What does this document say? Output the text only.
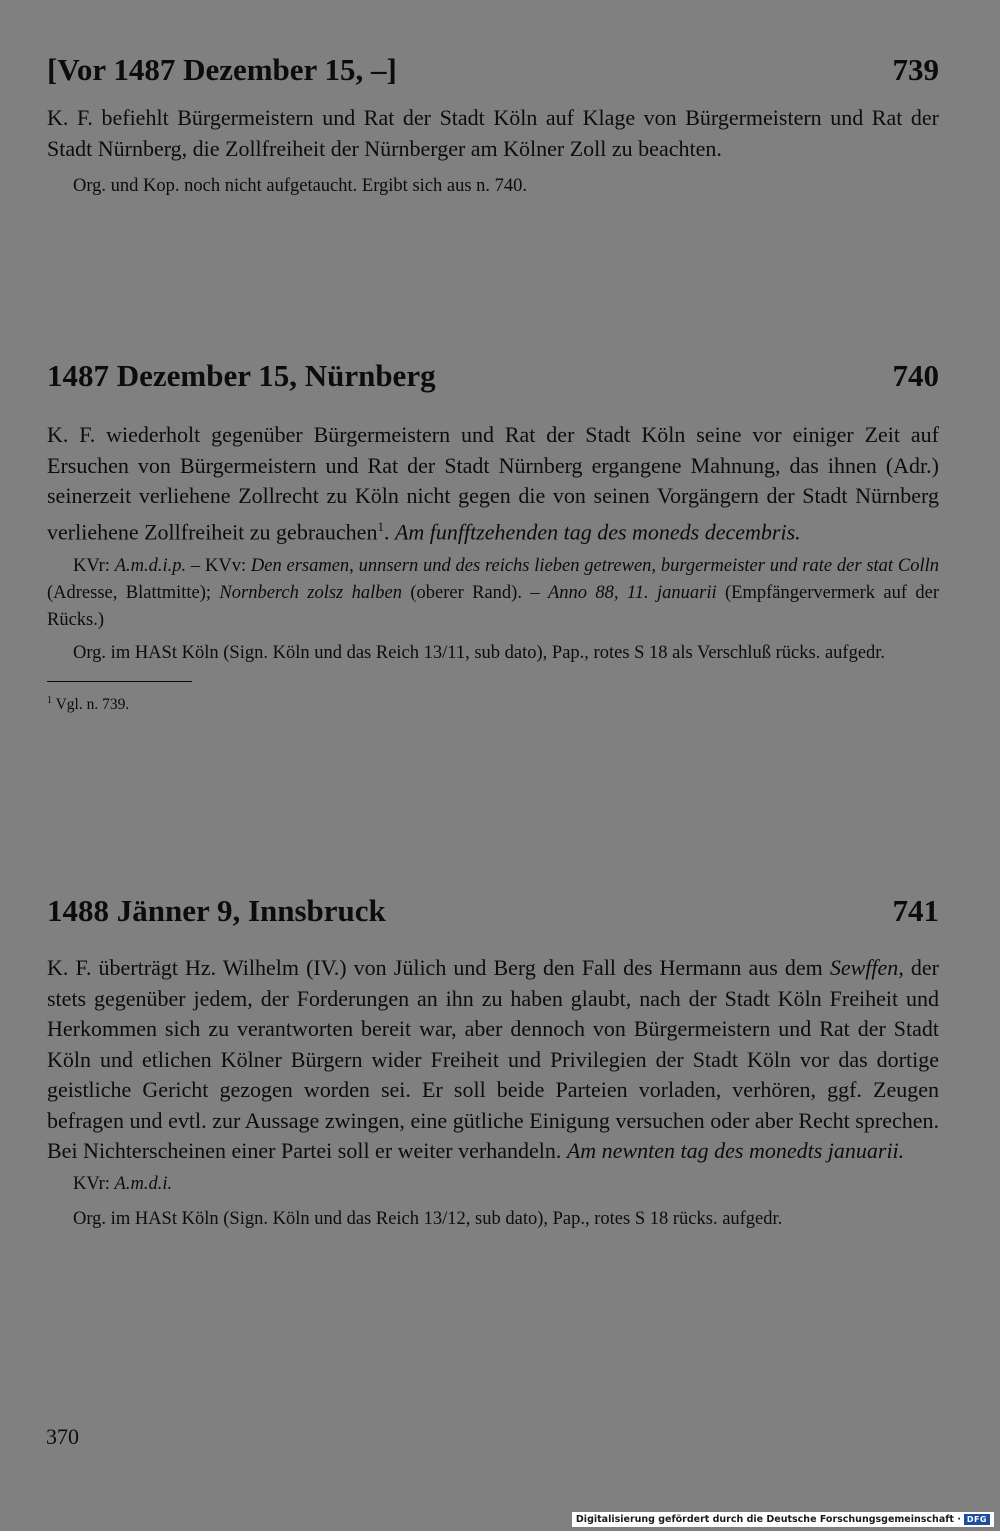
[Vor 1487 Dezember 15, –]	739
K. F. befiehlt Bürgermeistern und Rat der Stadt Köln auf Klage von Bürgermeistern und Rat der Stadt Nürnberg, die Zollfreiheit der Nürnberger am Kölner Zoll zu beachten.
Org. und Kop. noch nicht aufgetaucht. Ergibt sich aus n. 740.
1487 Dezember 15, Nürnberg	740
K. F. wiederholt gegenüber Bürgermeistern und Rat der Stadt Köln seine vor einiger Zeit auf Ersuchen von Bürgermeistern und Rat der Stadt Nürnberg ergangene Mahnung, das ihnen (Adr.) seinerzeit verliehene Zollrecht zu Köln nicht gegen die von seinen Vorgängern der Stadt Nürnberg verliehene Zollfreiheit zu gebrauchen$^1$. Am funfftzehenden tag des moneds decembris.
KVr: A.m.d.i.p. – KVv: Den ersamen, unnsern und des reichs lieben getrewen, burgermeister und rate der stat Colln (Adresse, Blattmitte); Nornberch zolsz halben (oberer Rand). – Anno 88, 11. januarii (Empfängervermerk auf der Rücks.)
Org. im HASt Köln (Sign. Köln und das Reich 13/11, sub dato), Pap., rotes S 18 als Verschluß rücks. aufgedr.
$^1$ Vgl. n. 739.
1488 Jänner 9, Innsbruck	741
K. F. überträgt Hz. Wilhelm (IV.) von Jülich und Berg den Fall des Hermann aus dem Sewffen, der stets gegenüber jedem, der Forderungen an ihn zu haben glaubt, nach der Stadt Köln Freiheit und Herkommen sich zu verantworten bereit war, aber dennoch von Bürgermeistern und Rat der Stadt Köln und etlichen Kölner Bürgern wider Freiheit und Privilegien der Stadt Köln vor das dortige geistliche Gericht gezogen worden sei. Er soll beide Parteien vorladen, verhören, ggf. Zeugen befragen und evtl. zur Aussage zwingen, eine gütliche Einigung versuchen oder aber Recht sprechen. Bei Nichterscheinen einer Partei soll er weiter verhandeln. Am newnten tag des monedts januarii.
KVr: A.m.d.i.
Org. im HASt Köln (Sign. Köln und das Reich 13/12, sub dato), Pap., rotes S 18 rücks. aufgedr.
370
Digitalisierung gefördert durch die Deutsche Forschungsgemeinschaft · DFG
